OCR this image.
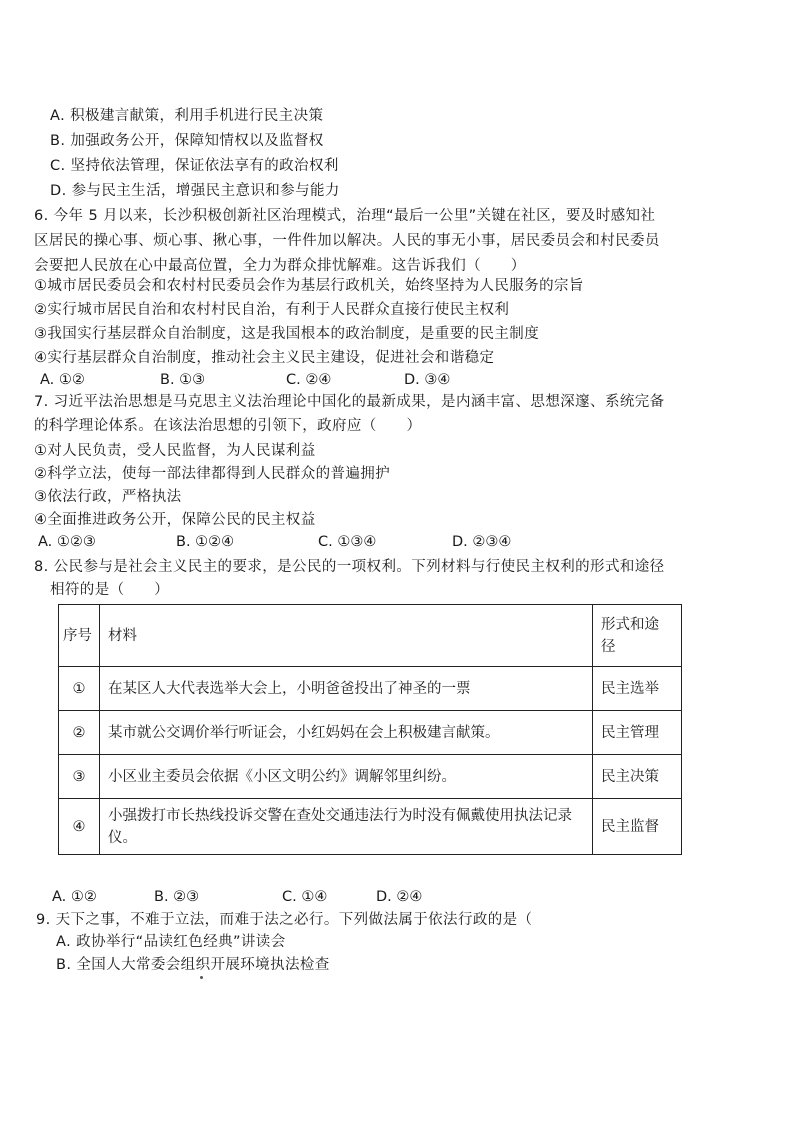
A. 积极建言献策，利用手机进行民主决策
B. 加强政务公开，保障知情权以及监督权
C. 坚持依法管理，保证依法享有的政治权利
D. 参与民主生活，增强民主意识和参与能力
6. 今年 5 月以来，长沙积极创新社区治理模式，治理“最后一公里”关键在社区，要及时感知社
区居民的操心事、烦心事、揪心事，一件件加以解决。人民的事无小事，居民委员会和村民委员
会要把人民放在心中最高位置，全力为群众排忧解难。这告诉我们（　　）
①城市居民委员会和农村村民委员会作为基层行政机关，始终坚持为人民服务的宗旨
②实行城市居民自治和农村村民自治，有利于人民群众直接行使民主权利
③我国实行基层群众自治制度，这是我国根本的政治制度，是重要的民主制度
④实行基层群众自治制度，推动社会主义民主建设，促进社会和谐稳定
A. ①②	B. ①③	C. ②④	D. ③④
7. 习近平法治思想是马克思主义法治理论中国化的最新成果，是内涵丰富、思想深邃、系统完备
的科学理论体系。在该法治思想的引领下，政府应（　　）
①对人民负责，受人民监督，为人民谋利益
②科学立法，使每一部法律都得到人民群众的普遍拥护
③依法行政，严格执法
④全面推进政务公开，保障公民的民主权益
A. ①②③	B. ①②④	C. ①③④	D. ②③④
8. 公民参与是社会主义民主的要求，是公民的一项权利。下列材料与行使民主权利的形式和途径
相符的是（　　）
序号	材料	形式和途径
①	在某区人大代表选举大会上，小明爸爸投出了神圣的一票	民主选举
②	某市就公交调价举行听证会，小红妈妈在会上积极建言献策。	民主管理
③	小区业主委员会依据《小区文明公约》调解邻里纠纷。	民主决策
④	小强拨打市长热线投诉交警在查处交通违法行为时没有佩戴使用执法记录仪。	民主监督
A. ①②	B. ②③	C. ①④	D. ②④
9. 天下之事，不难于立法，而难于法之必行。下列做法属于依法行政的是（
A. 政协举行“品读红色经典”讲读会
B. 全国人大常委会组织开展环境执法检查
